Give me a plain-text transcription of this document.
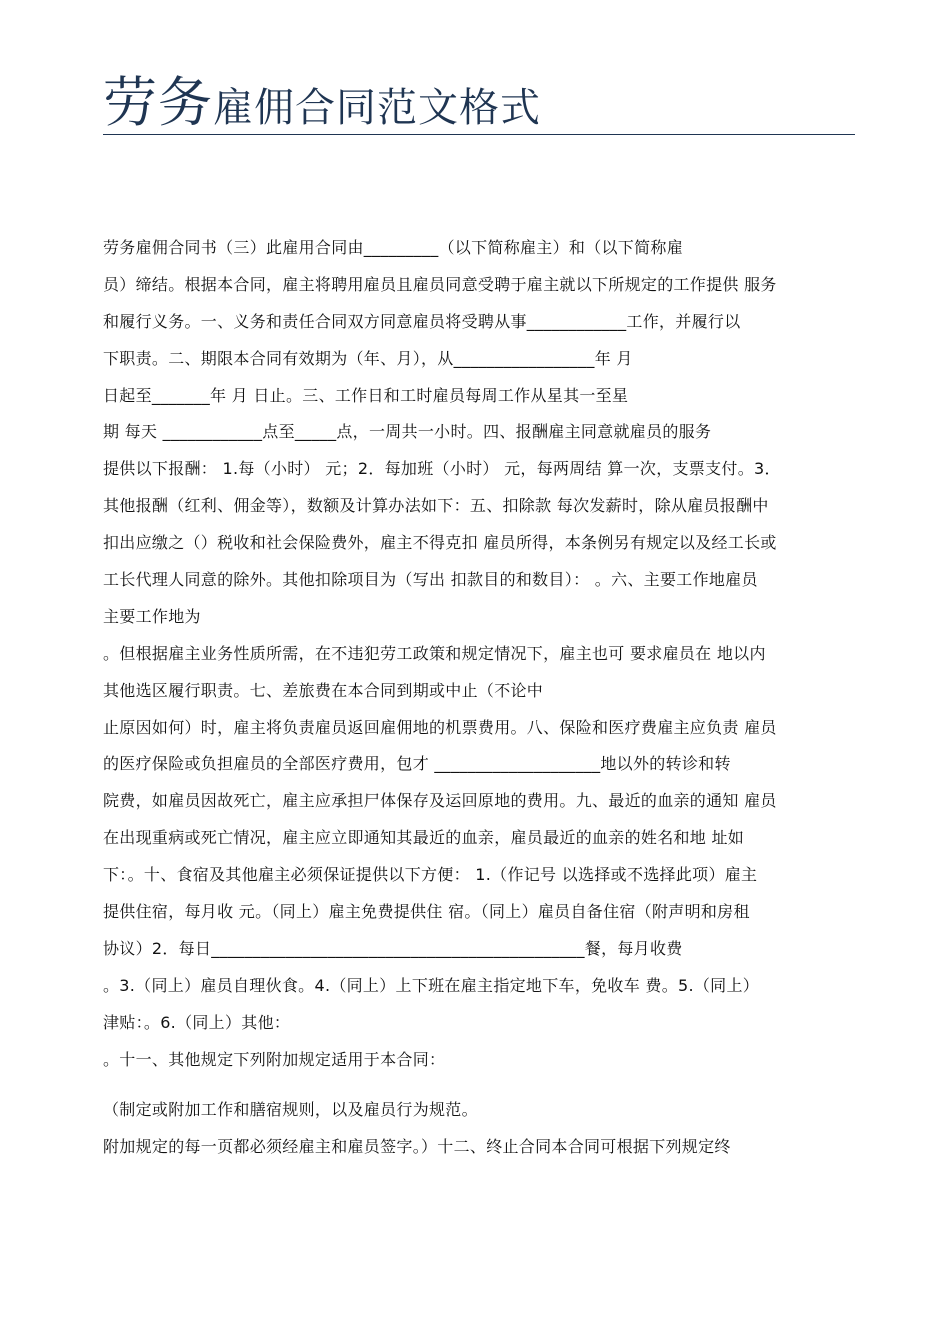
劳务雇佣合同范文格式
劳务雇佣合同书（三）此雇用合同由_________（以下简称雇主）和（以下简称雇
员）缔结。根据本合同，雇主将聘用雇员且雇员同意受聘于雇主就以下所规定的工作提供 服务
和履行义务。一、义务和责任合同双方同意雇员将受聘从事____________工作，并履行以
下职责。二、期限本合同有效期为（年、月），从_________________年 月
日起至_______年 月 日止。三、工作日和工时雇员每周工作从星其一至星
期 每天 ____________点至_____点，一周共一小时。四、报酬雇主同意就雇员的服务
提供以下报酬： 1.每（小时） 元；2．每加班（小时） 元，每两周结 算一次，支票支付。3．
其他报酬（红利、佣金等），数额及计算办法如下：五、扣除款 每次发薪时，除从雇员报酬中
扣出应缴之（）税收和社会保险费外，雇主不得克扣 雇员所得，本条例另有规定以及经工长或
工长代理人同意的除外。其他扣除项目为（写出 扣款目的和数目）： 。六、主要工作地雇员
主要工作地为
。但根据雇主业务性质所需，在不违犯劳工政策和规定情况下，雇主也可 要求雇员在 地以内
其他选区履行职责。七、差旅费在本合同到期或中止（不论中
止原因如何）时，雇主将负责雇员返回雇佣地的机票费用。八、保险和医疗费雇主应负责 雇员
的医疗保险或负担雇员的全部医疗费用，包才 ____________________地以外的转诊和转
院费，如雇员因故死亡，雇主应承担尸体保存及运回原地的费用。九、最近的血亲的通知 雇员
在出现重病或死亡情况，雇主应立即通知其最近的血亲，雇员最近的血亲的姓名和地 址如
下：。十、食宿及其他雇主必须保证提供以下方便： 1.（作记号 以选择或不选择此项）雇主
提供住宿，每月收 元。（同上）雇主免费提供住 宿。（同上）雇员自备住宿（附声明和房租
协议）2．每日_____________________________________________餐，每月收费
。3.（同上）雇员自理伙食。4.（同上）上下班在雇主指定地下车，免收车 费。5.（同上）
津贴：。6.（同上）其他：
。十一、其他规定下列附加规定适用于本合同：
（制定或附加工作和膳宿规则，以及雇员行为规范。
附加规定的每一页都必须经雇主和雇员签字。）十二、终止合同本合同可根据下列规定终
